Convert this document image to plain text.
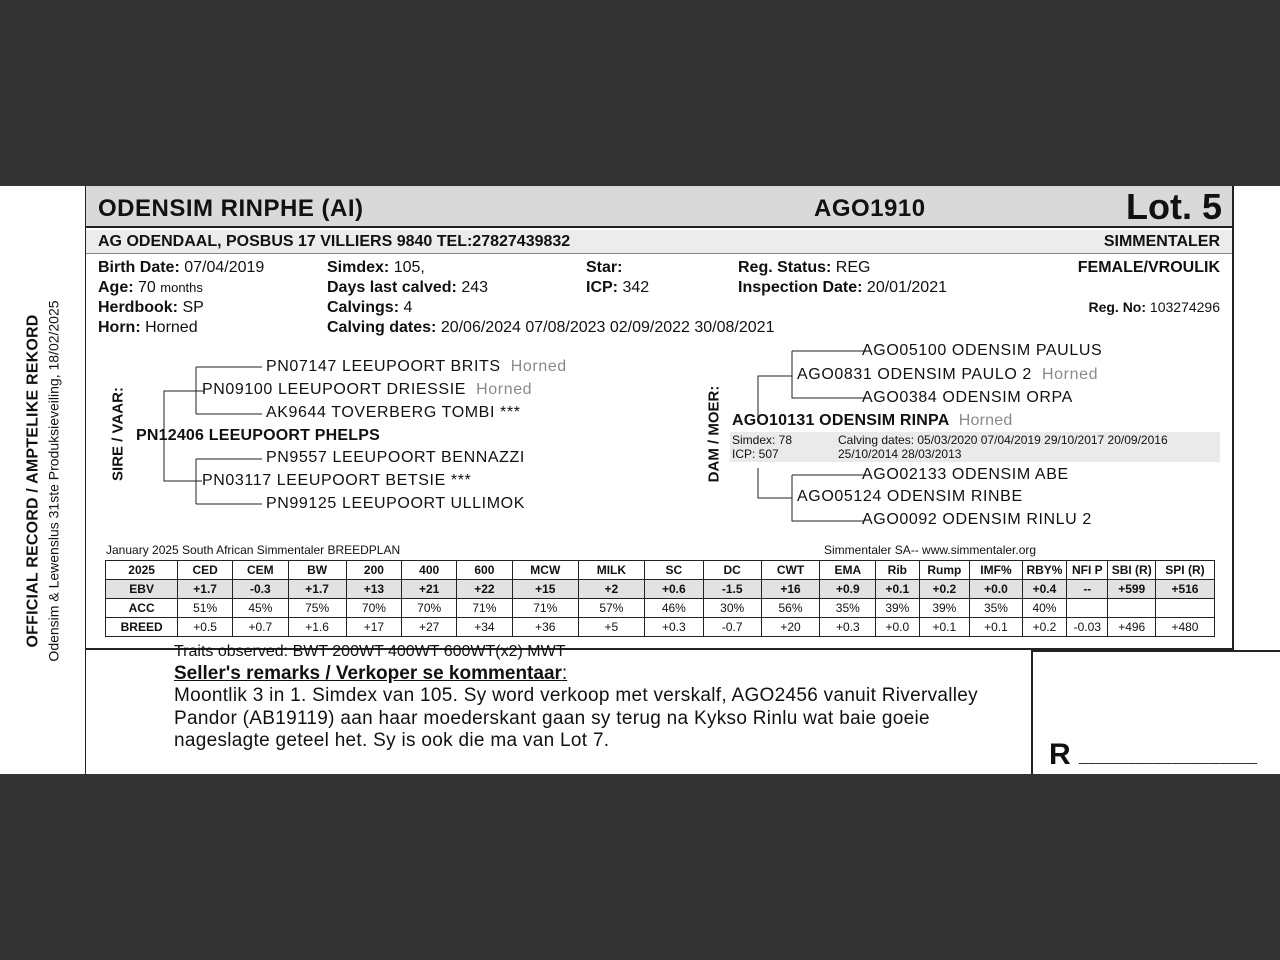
OFFICIAL RECORD / AMPTELIKE REKORD Odensim & Lewenslus 31ste Produksieveiling, 18/02/2025
ODENSIM RINPHE (AI)	AGO1910	Lot. 5
AG ODENDAAL, POSBUS 17 VILLIERS 9840 TEL:27827439832	SIMMENTALER
Birth Date: 07/04/2019
Age: 70 months
Herdbook: SP
Horn: Horned
Simdex: 105,
Days last calved: 243
Calvings: 4
Calving dates: 20/06/2024 07/08/2023 02/09/2022 30/08/2021
Star:
ICP: 342
Reg. Status: REG
Inspection Date: 20/01/2021
FEMALE/VROULIK
Reg. No: 103274296
SIRE / VAAR:
PN07147 LEEUPOORT BRITS Horned
PN09100 LEEUPOORT DRIESSIE Horned
AK9644 TOVERBERG TOMBI ***
PN12406 LEEUPOORT PHELPS
PN9557 LEEUPOORT BENNAZZI
PN03117 LEEUPOORT BETSIE ***
PN99125 LEEUPOORT ULLIMOK
DAM / MOER:
AGO05100 ODENSIM PAULUS
AGO0831 ODENSIM PAULO 2 Horned
AGO0384 ODENSIM ORPA
AGO10131 ODENSIM RINPA Horned
Simdex: 78
ICP: 507
Calving dates: 05/03/2020 07/04/2019 29/10/2017 20/09/2016
25/10/2014 28/03/2013
AGO02133 ODENSIM ABE
AGO05124 ODENSIM RINBE
AGO0092 ODENSIM RINLU 2
January 2025 South African Simmentaler BREEDPLAN	Simmentaler SA-- www.simmentaler.org
2025	CED	CEM	BW	200	400	600	MCW	MILK	SC	DC	CWT	EMA	Rib	Rump	IMF%	RBY%	NFI P	SBI (R)	SPI (R)
EBV	+1.7	-0.3	+1.7	+13	+21	+22	+15	+2	+0.6	-1.5	+16	+0.9	+0.1	+0.2	+0.0	+0.4	--	+599	+516
ACC	51%	45%	75%	70%	70%	71%	71%	57%	46%	30%	56%	35%	39%	39%	35%	40%			
BREED	+0.5	+0.7	+1.6	+17	+27	+34	+36	+5	+0.3	-0.7	+20	+0.3	+0.0	+0.1	+0.1	+0.2	-0.03	+496	+480
Traits observed: BWT 200WT 400WT 600WT(x2) MWT
Seller's remarks / Verkoper se kommentaar:
Moontlik 3 in 1. Simdex van 105. Sy word verkoop met verskalf, AGO2456 vanuit Rivervalley Pandor (AB19119) aan haar moederskant gaan sy terug na Kykso Rinlu wat baie goeie nageslagte geteel het. Sy is ook die ma van Lot 7.	R ___________________
